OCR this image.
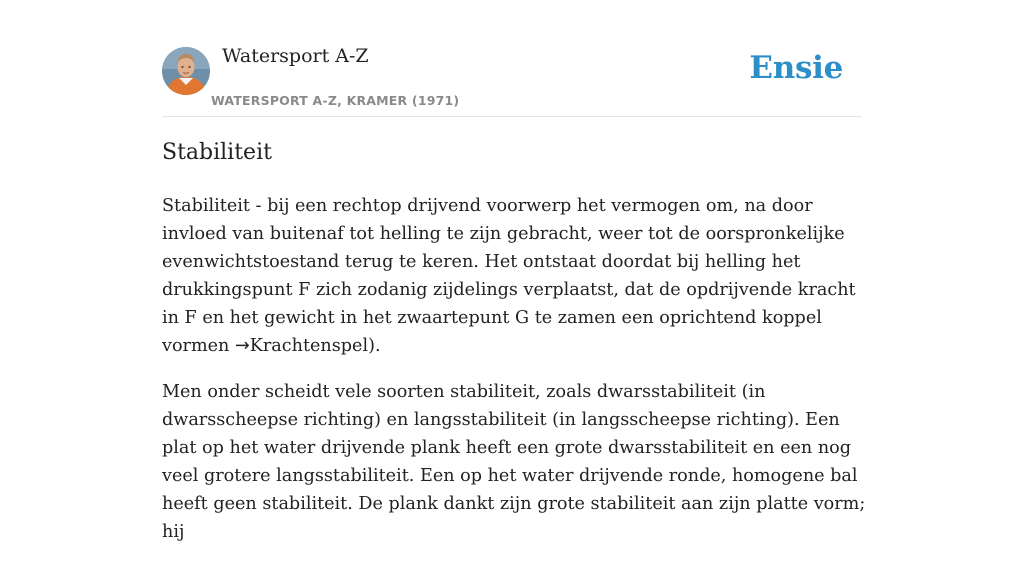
Watersport A-Z
WATERSPORT A-Z, KRAMER (1971)
Ensie
Stabiliteit

Stabiliteit - bij een rechtop drijvend voorwerp het vermogen om, na door invloed van buitenaf tot helling te zijn gebracht, weer tot de oorspronkelijke evenwichtstoestand terug te keren. Het ontstaat doordat bij helling het drukkingspunt F zich zodanig zijdelings verplaatst, dat de opdrijvende kracht in F en het gewicht in het zwaartepunt G te zamen een oprichtend koppel vormen →Krachtenspel).

Men onder scheidt vele soorten stabiliteit, zoals dwarsstabiliteit (in dwarsscheepse richting) en langsstabiliteit (in langsscheepse richting). Een plat op het water drijvende plank heeft een grote dwarsstabiliteit en een nog veel grotere langsstabiliteit. Een op het water drijvende ronde, homogene bal heeft geen stabiliteit. De plank dankt zijn grote stabiliteit aan zijn platte vorm; hij
